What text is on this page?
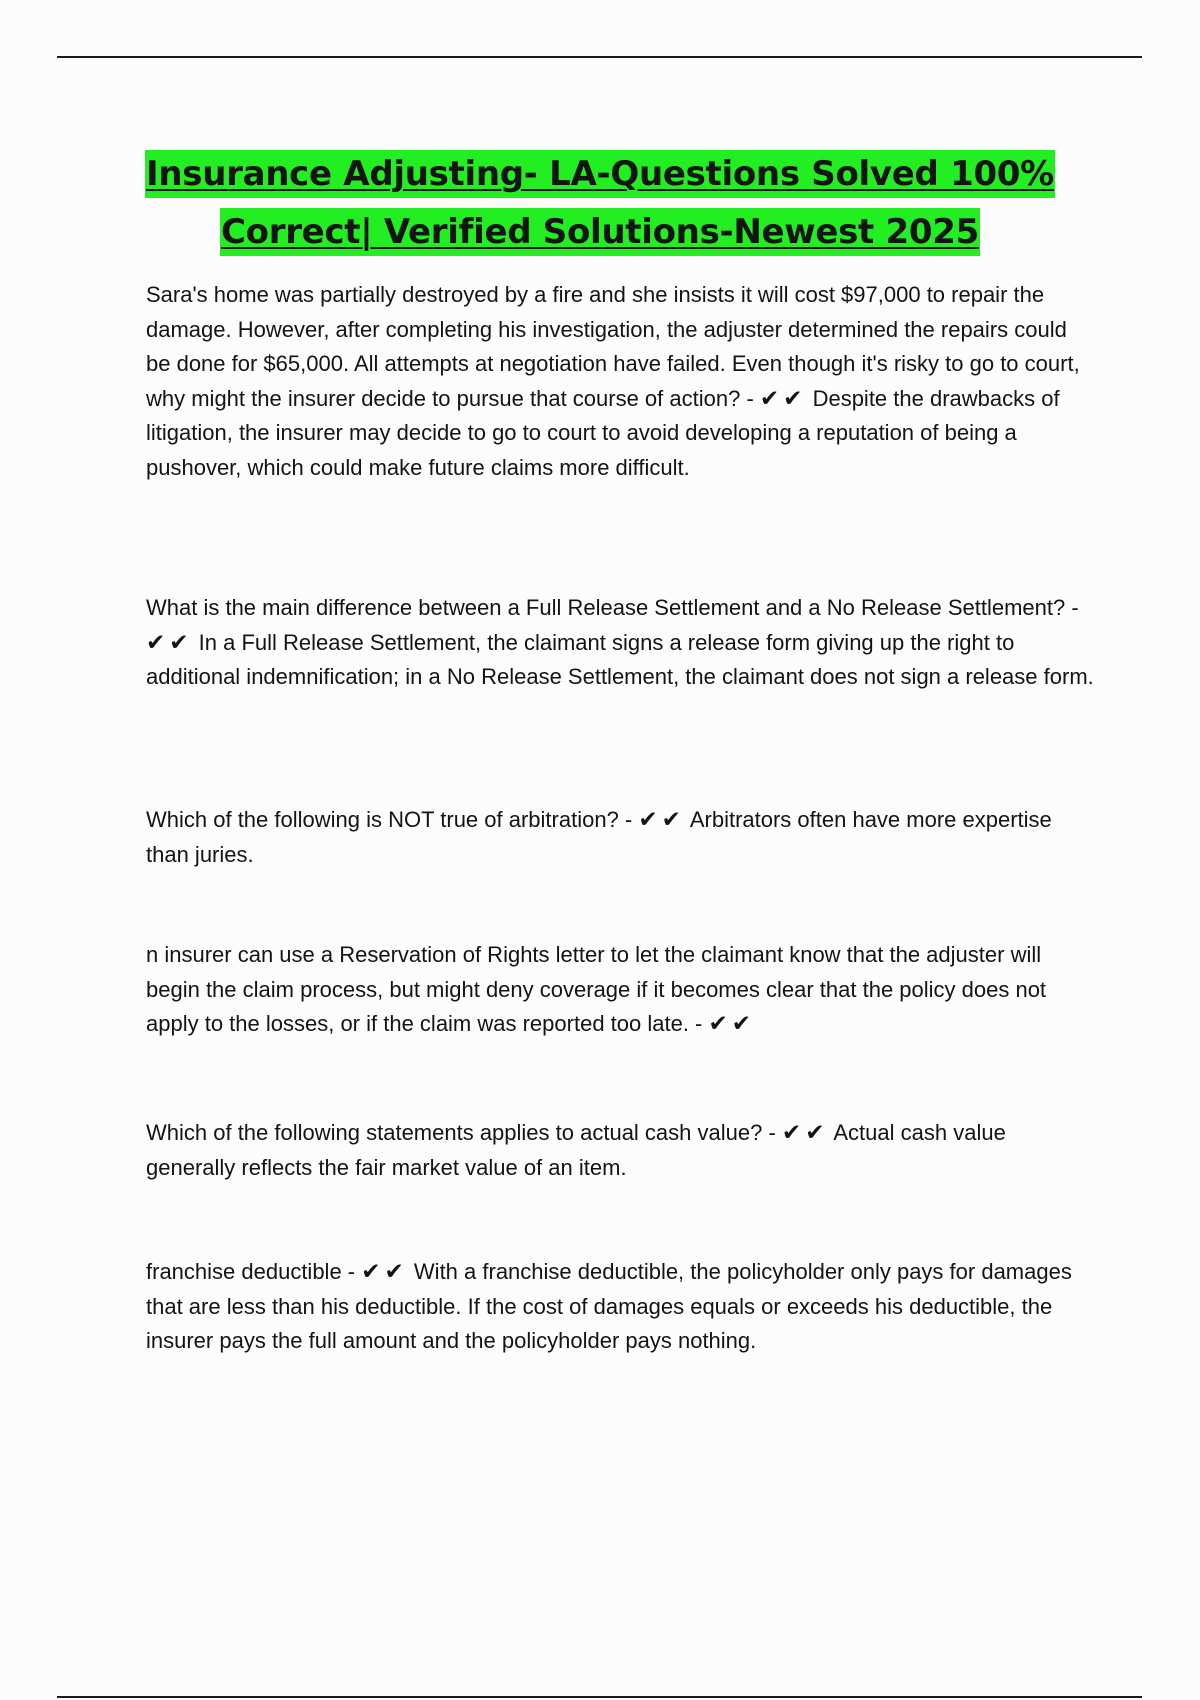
Insurance Adjusting- LA-Questions Solved 100% Correct| Verified Solutions-Newest 2025

Sara's home was partially destroyed by a fire and she insists it will cost $97,000 to repair the damage. However, after completing his investigation, the adjuster determined the repairs could be done for $65,000. All attempts at negotiation have failed. Even though it's risky to go to court, why might the insurer decide to pursue that course of action? - ✔✔ Despite the drawbacks of litigation, the insurer may decide to go to court to avoid developing a reputation of being a pushover, which could make future claims more difficult.

What is the main difference between a Full Release Settlement and a No Release Settlement? - ✔✔ In a Full Release Settlement, the claimant signs a release form giving up the right to additional indemnification; in a No Release Settlement, the claimant does not sign a release form.

Which of the following is NOT true of arbitration? - ✔✔ Arbitrators often have more expertise than juries.

n insurer can use a Reservation of Rights letter to let the claimant know that the adjuster will begin the claim process, but might deny coverage if it becomes clear that the policy does not apply to the losses, or if the claim was reported too late. - ✔✔

Which of the following statements applies to actual cash value? - ✔✔ Actual cash value generally reflects the fair market value of an item.

franchise deductible - ✔✔ With a franchise deductible, the policyholder only pays for damages that are less than his deductible. If the cost of damages equals or exceeds his deductible, the insurer pays the full amount and the policyholder pays nothing.
